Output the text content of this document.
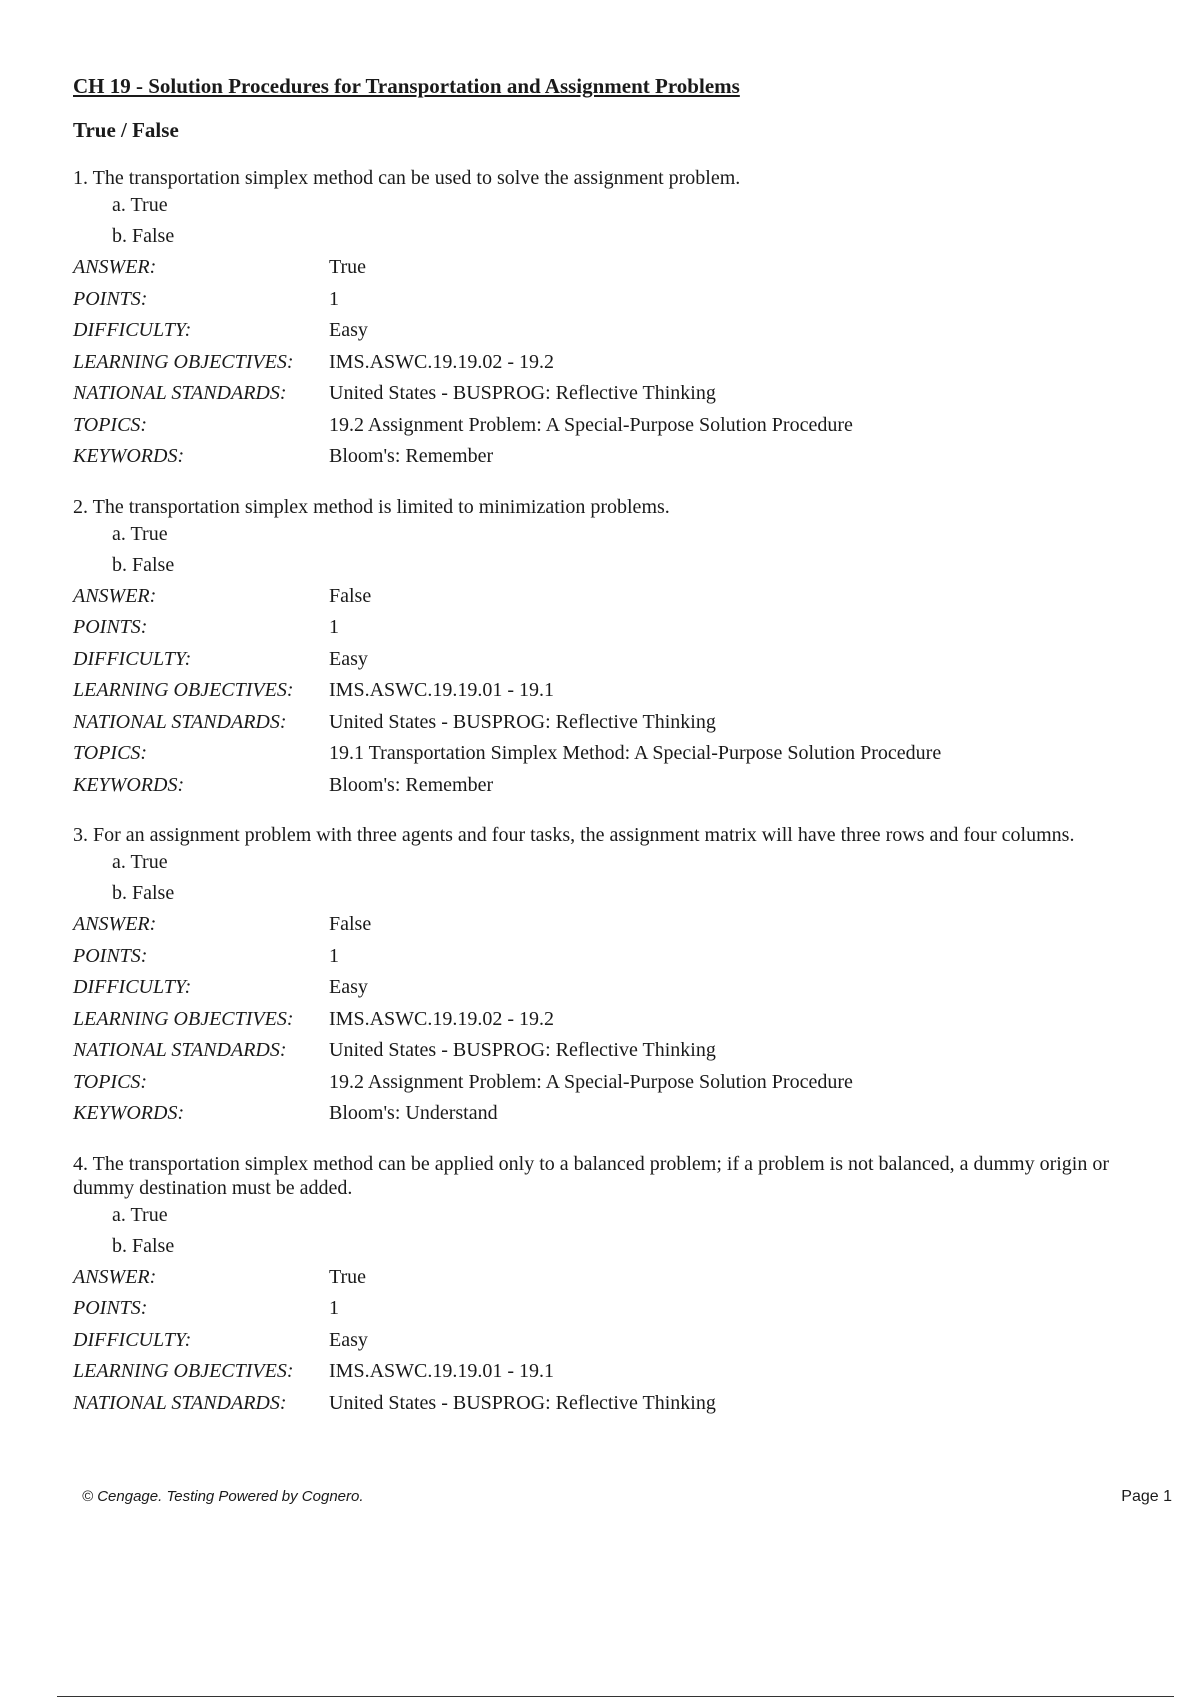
CH 19 - Solution Procedures for Transportation and Assignment Problems
True / False
1. The transportation simplex method can be used to solve the assignment problem.
a. True
b. False
ANSWER:	True
POINTS:	1
DIFFICULTY:	Easy
LEARNING OBJECTIVES:	IMS.ASWC.19.19.02 - 19.2
NATIONAL STANDARDS:	United States - BUSPROG: Reflective Thinking
TOPICS:	19.2 Assignment Problem: A Special-Purpose Solution Procedure
KEYWORDS:	Bloom's: Remember
2. The transportation simplex method is limited to minimization problems.
a. True
b. False
ANSWER:	False
POINTS:	1
DIFFICULTY:	Easy
LEARNING OBJECTIVES:	IMS.ASWC.19.19.01 - 19.1
NATIONAL STANDARDS:	United States - BUSPROG: Reflective Thinking
TOPICS:	19.1 Transportation Simplex Method: A Special-Purpose Solution Procedure
KEYWORDS:	Bloom's: Remember
3. For an assignment problem with three agents and four tasks, the assignment matrix will have three rows and four columns.
a. True
b. False
ANSWER:	False
POINTS:	1
DIFFICULTY:	Easy
LEARNING OBJECTIVES:	IMS.ASWC.19.19.02 - 19.2
NATIONAL STANDARDS:	United States - BUSPROG: Reflective Thinking
TOPICS:	19.2 Assignment Problem: A Special-Purpose Solution Procedure
KEYWORDS:	Bloom's: Understand
4. The transportation simplex method can be applied only to a balanced problem; if a problem is not balanced, a dummy origin or dummy destination must be added.
a. True
b. False
ANSWER:	True
POINTS:	1
DIFFICULTY:	Easy
LEARNING OBJECTIVES:	IMS.ASWC.19.19.01 - 19.1
NATIONAL STANDARDS:	United States - BUSPROG: Reflective Thinking
© Cengage. Testing Powered by Cognero.	Page 1
